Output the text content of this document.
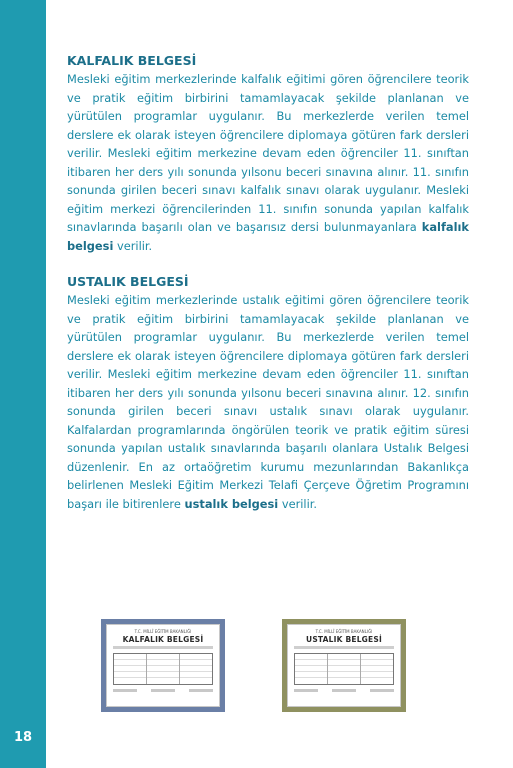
18
KALFALIK BELGESİ
Mesleki eğitim merkezlerinde kalfalık eğitimi gören öğrencilere teorik ve pratik eğitim birbirini tamamlayacak şekilde planlanan ve yürütülen programlar uygulanır. Bu merkezlerde verilen temel derslere ek olarak isteyen öğrencilere diplomaya götüren fark dersleri verilir. Mesleki eğitim merkezine devam eden öğrenciler 11. sınıftan itibaren her ders yılı sonunda yılsonu beceri sınavına alınır. 11. sınıfın sonunda girilen beceri sınavı kalfalık sınavı olarak uygulanır. Mesleki eğitim merkezi öğrencilerinden 11. sınıfın sonunda yapılan kalfalık sınavlarında başarılı olan ve başarısız dersi bulunmayanlara kalfalık belgesi verilir.
USTALIK BELGESİ
Mesleki eğitim merkezlerinde ustalık eğitimi gören öğrencilere teorik ve pratik eğitim birbirini tamamlayacak şekilde planlanan ve yürütülen programlar uygulanır. Bu merkezlerde verilen temel derslere ek olarak isteyen öğrencilere diplomaya götüren fark dersleri verilir. Mesleki eğitim merkezine devam eden öğrenciler 11. sınıftan itibaren her ders yılı sonunda yılsonu beceri sınavına alınır. 12. sınıfın sonunda girilen beceri sınavı ustalık sınavı olarak uygulanır. Kalfalardan programlarında öngörülen teorik ve pratik eğitim süresi sonunda yapılan ustalık sınavlarında başarılı olanlara Ustalık Belgesi düzenlenir. En az ortaöğretim kurumu mezunlarından Bakanlıkça belirlenen Mesleki Eğitim Merkezi Telafi Çerçeve Öğretim Programını başarı ile bitirenlere ustalık belgesi verilir.
T.C. MİLLÎ EĞİTİM BAKANLIĞI
KALFALIK BELGESİ
T.C. MİLLÎ EĞİTİM BAKANLIĞI
USTALIK BELGESİ
